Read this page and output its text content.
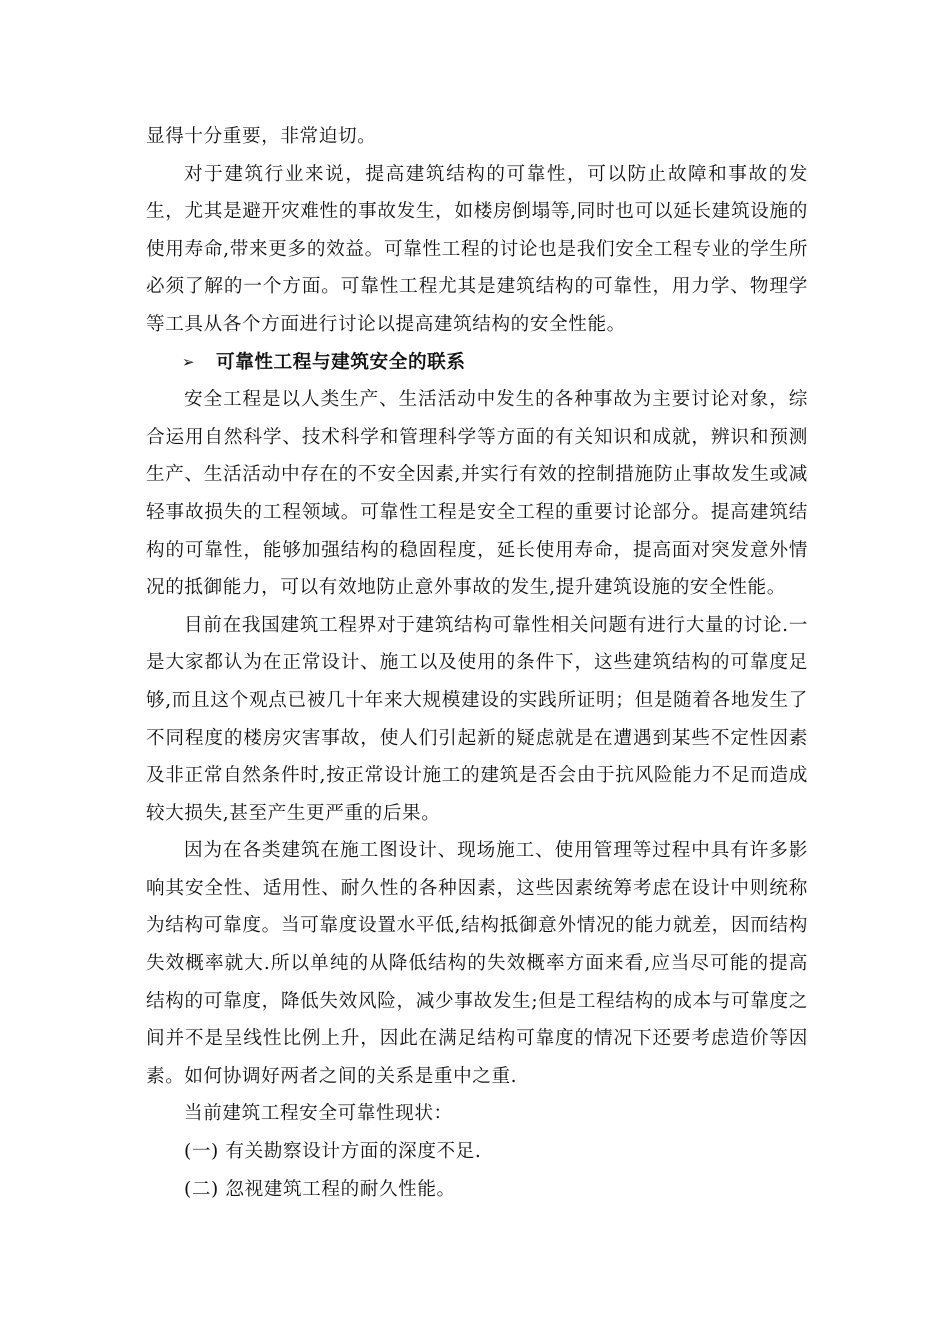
显得十分重要，非常迫切。

对于建筑行业来说，提高建筑结构的可靠性，可以防止故障和事故的发生，尤其是避开灾难性的事故发生，如楼房倒塌等,同时也可以延长建筑设施的使用寿命,带来更多的效益。可靠性工程的讨论也是我们安全工程专业的学生所必须了解的一个方面。可靠性工程尤其是建筑结构的可靠性，用力学、物理学等工具从各个方面进行讨论以提高建筑结构的安全性能。

➢	可靠性工程与建筑安全的联系

安全工程是以人类生产、生活活动中发生的各种事故为主要讨论对象，综合运用自然科学、技术科学和管理科学等方面的有关知识和成就，辨识和预测生产、生活活动中存在的不安全因素,并实行有效的控制措施防止事故发生或减轻事故损失的工程领域。可靠性工程是安全工程的重要讨论部分。提高建筑结构的可靠性，能够加强结构的稳固程度，延长使用寿命，提高面对突发意外情况的抵御能力，可以有效地防止意外事故的发生,提升建筑设施的安全性能。

目前在我国建筑工程界对于建筑结构可靠性相关问题有进行大量的讨论.一是大家都认为在正常设计、施工以及使用的条件下，这些建筑结构的可靠度足够,而且这个观点已被几十年来大规模建设的实践所证明；但是随着各地发生了不同程度的楼房灾害事故，使人们引起新的疑虑就是在遭遇到某些不定性因素及非正常自然条件时,按正常设计施工的建筑是否会由于抗风险能力不足而造成较大损失,甚至产生更严重的后果。

因为在各类建筑在施工图设计、现场施工、使用管理等过程中具有许多影响其安全性、适用性、耐久性的各种因素，这些因素统筹考虑在设计中则统称为结构可靠度。当可靠度设置水平低,结构抵御意外情况的能力就差，因而结构失效概率就大.所以单纯的从降低结构的失效概率方面来看,应当尽可能的提高结构的可靠度，降低失效风险，减少事故发生;但是工程结构的成本与可靠度之间并不是呈线性比例上升，因此在满足结构可靠度的情况下还要考虑造价等因素。如何协调好两者之间的关系是重中之重.

当前建筑工程安全可靠性现状：

(一) 有关勘察设计方面的深度不足.

(二) 忽视建筑工程的耐久性能。
